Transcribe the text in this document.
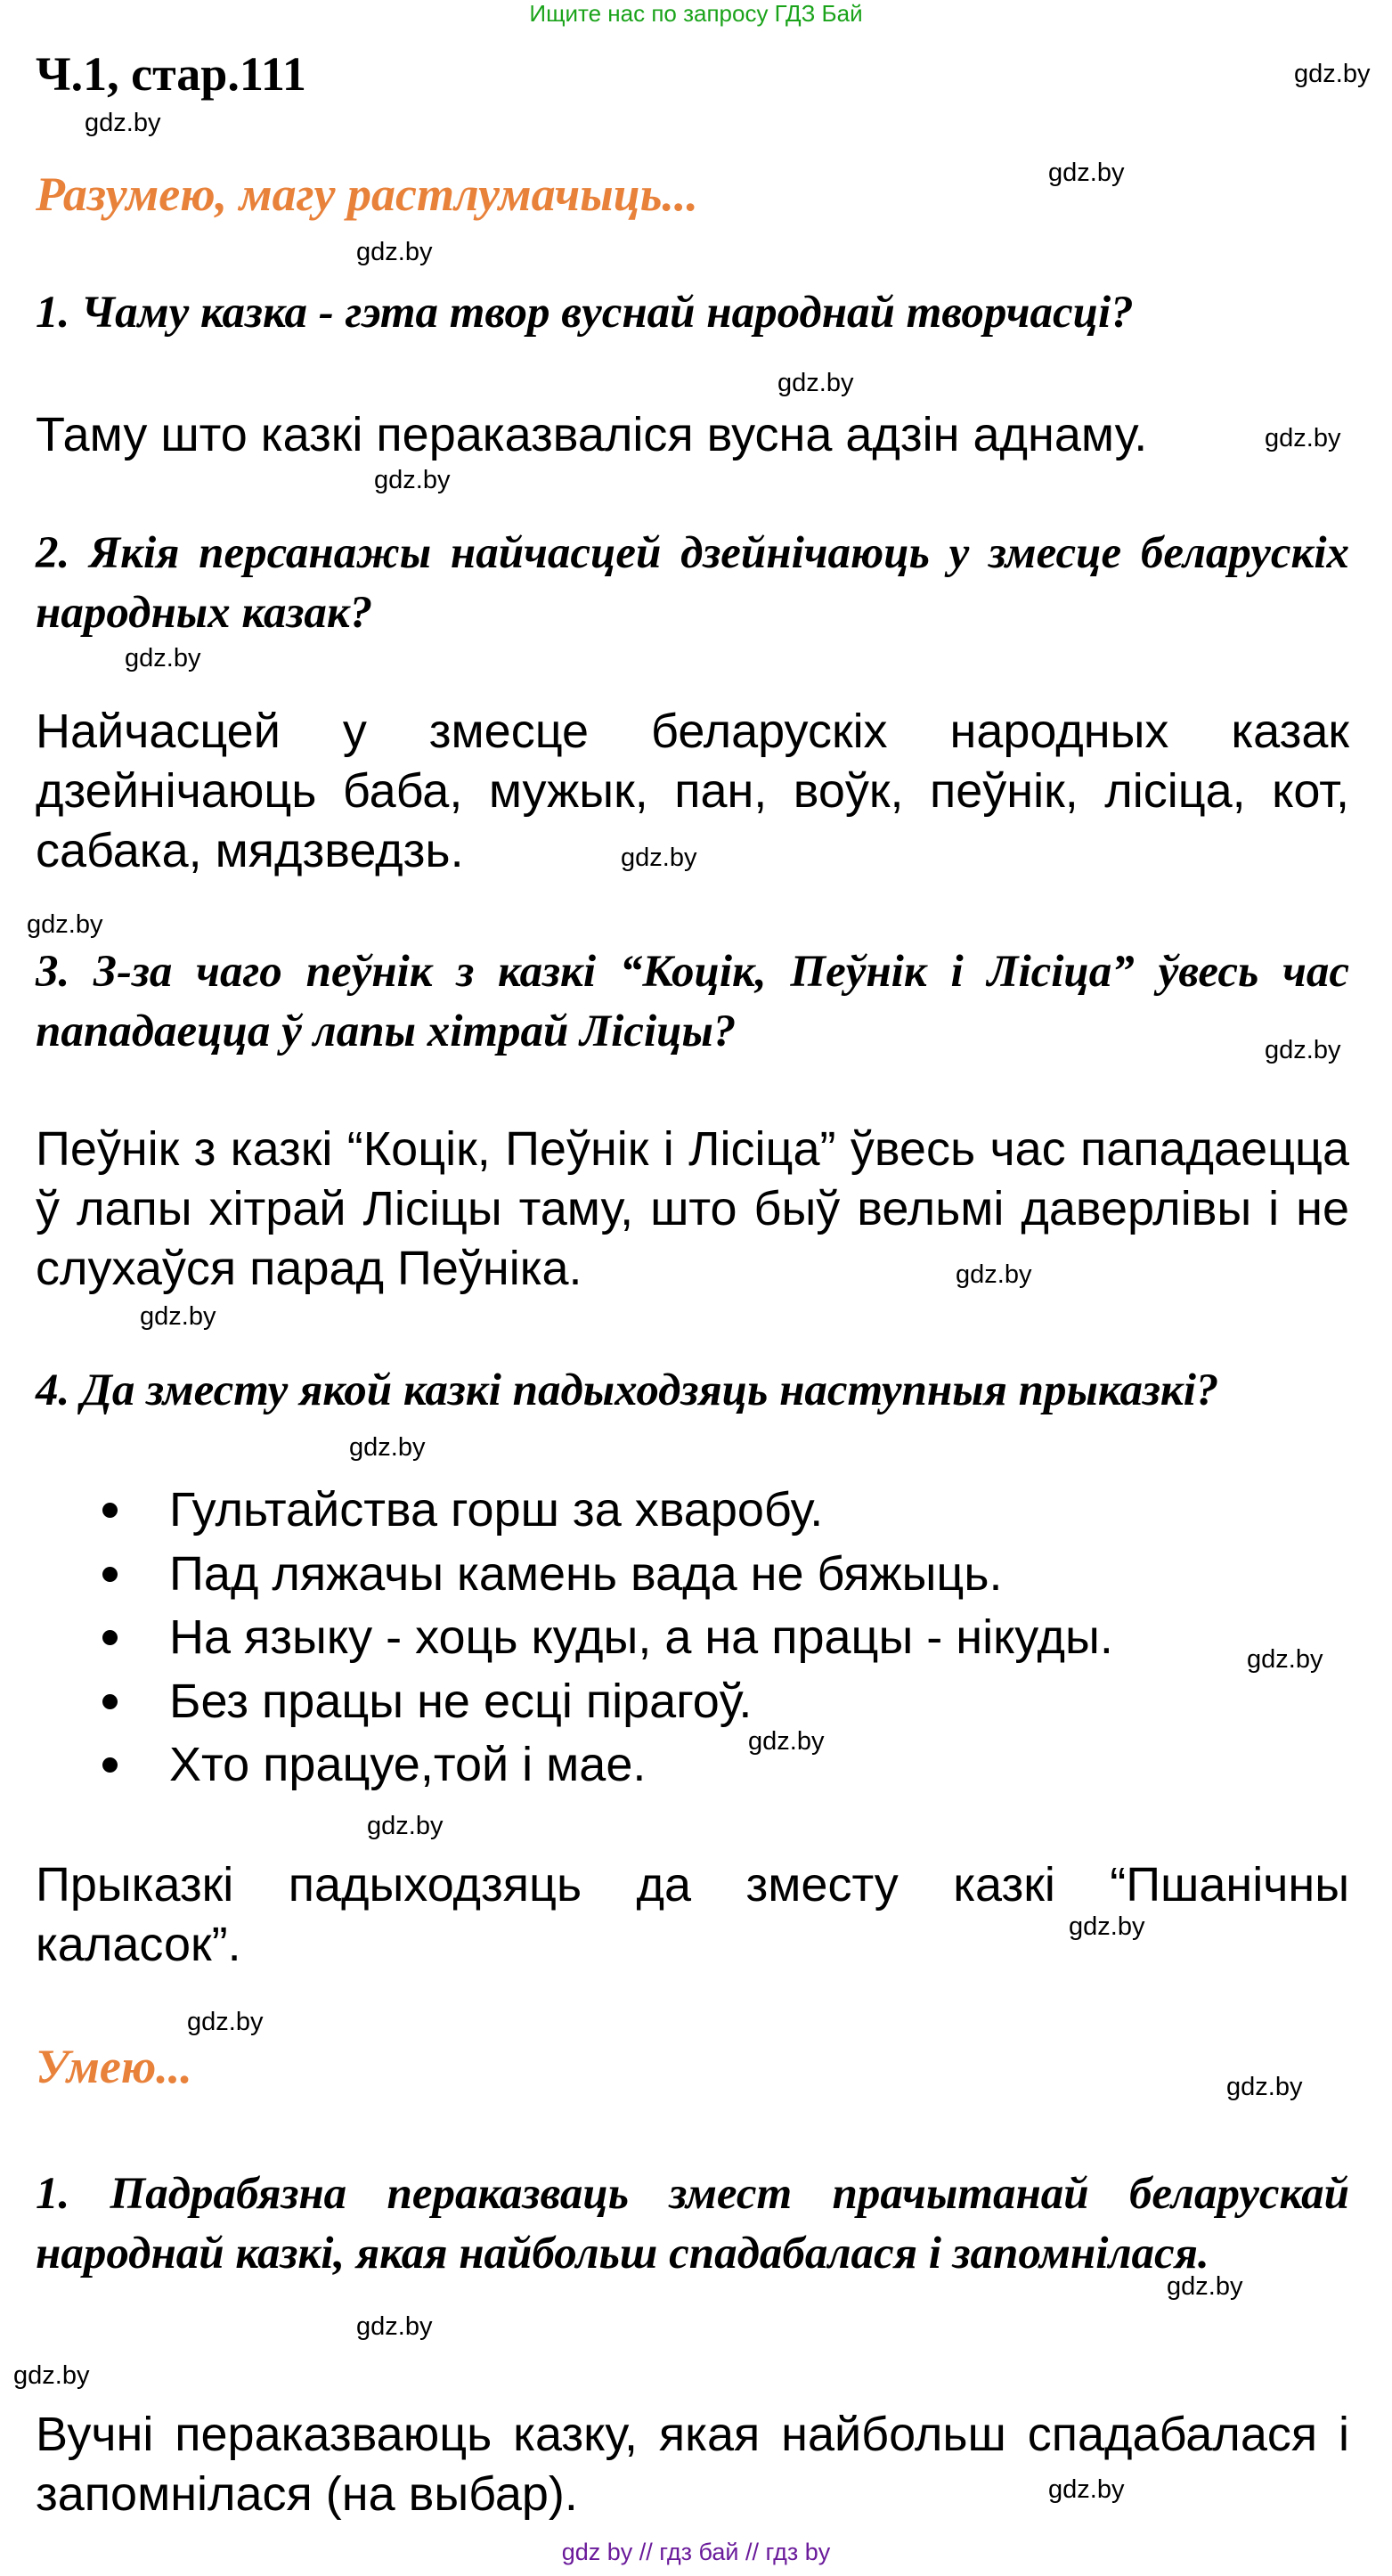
Ищите нас по запросу ГДЗ Бай
Ч.1, стар.111
Разумею, магу растлумачыць...
1. Чаму казка - гэта твор вуснай народнай творчасці?
Таму што казкі пераказваліся вусна адзін аднаму.
2. Якія персанажы найчасцей дзейнічаюць у змесце беларускіх народных казак?
Найчасцей у змесце беларускіх народных казак дзейнічаюць баба, мужык, пан, воўк, пеўнік, лісіца, кот, сабака, мядзведзь.
3. З-за чаго пеўнік з казкі “Коцік, Пеўнік і Лісіца” ўвесь час пападаецца ў лапы хітрай Лісіцы?
Пеўнік з казкі “Коцік, Пеўнік і Лісіца” ўвесь час пападаецца ў лапы хітрай Лісіцы таму, што быў вельмі даверлівы і не слухаўся парад Пеўніка.
4. Да зместу якой казкі падыходзяць наступныя прыказкі?
Гультайства горш за хваробу.
Пад ляжачы камень вада не бяжыць.
На языку - хоць куды, а на працы - нікуды.
Без працы не есці пірагоў.
Хто працуе,той і мае.
Прыказкі падыходзяць да зместу казкі “Пшанічны каласок”.
Умею...
1. Падрабязна пераказваць змест прачытанай беларускай народнай казкі, якая найбольш спадабалася і запомнілася.
Вучні пераказваюць казку, якая найбольш спадабалася і запомнілася (на выбар).
gdz.by
gdz.by
gdz.by
gdz.by
gdz.by
gdz.by
gdz.by
gdz.by
gdz.by
gdz.by
gdz.by
gdz.by
gdz.by
gdz.by
gdz.by
gdz.by
gdz.by
gdz.by
gdz.by
gdz.by
gdz.by
gdz.by
gdz.by
gdz.by
gdz by // гдз бай // гдз by
